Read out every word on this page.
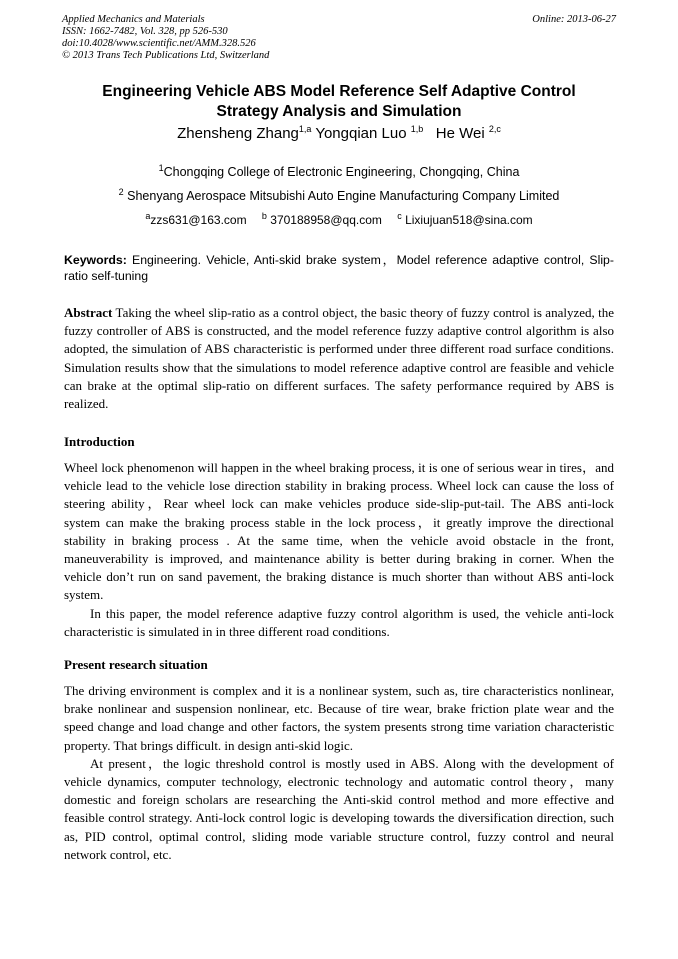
Applied Mechanics and Materials
ISSN: 1662-7482, Vol. 328, pp 526-530
doi:10.4028/www.scientific.net/AMM.328.526
© 2013 Trans Tech Publications Ltd, Switzerland
Online: 2013-06-27
Engineering Vehicle ABS Model Reference Self Adaptive Control
Strategy Analysis and Simulation
Zhensheng Zhang$^{1,a}$ Yongqian Luo $^{1,b}$ He Wei $^{2,c}$
$^1$Chongqing College of Electronic Engineering, Chongqing, China
$^2$ Shenyang Aerospace Mitsubishi Auto Engine Manufacturing Company Limited
$^a$zzs631@163.com $^b$ 370188958@qq.com $^c$ Lixiujuan518@sina.com
Keywords: Engineering. Vehicle, Anti-skid brake system，Model reference adaptive control, Slip-ratio self-tuning

Abstract Taking the wheel slip-ratio as a control object, the basic theory of fuzzy control is analyzed, the fuzzy controller of ABS is constructed, and the model reference fuzzy adaptive control algorithm is also adopted, the simulation of ABS characteristic is performed under three different road surface conditions. Simulation results show that the simulations to model reference adaptive control are feasible and vehicle can brake at the optimal slip-ratio on different surfaces. The safety performance required by ABS is realized.

Introduction

Wheel lock phenomenon will happen in the wheel braking process, it is one of serious wear in tires，and vehicle lead to the vehicle lose direction stability in braking process. Wheel lock can cause the loss of steering ability，Rear wheel lock can make vehicles produce side-slip-put-tail. The ABS anti-lock system can make the braking process stable in the lock process，it greatly improve the directional stability in braking process . At the same time, when the vehicle avoid obstacle in the front, maneuverability is improved, and maintenance ability is better during braking in corner. When the vehicle don’t run on sand pavement, the braking distance is much shorter than without ABS anti-lock system.

In this paper, the model reference adaptive fuzzy control algorithm is used, the vehicle anti-lock characteristic is simulated in in three different road conditions.

Present research situation

The driving environment is complex and it is a nonlinear system, such as, tire characteristics nonlinear, brake nonlinear and suspension nonlinear, etc. Because of tire wear, brake friction plate wear and the speed change and load change and other factors, the system presents strong time variation characteristic property. That brings difficult. in design anti-skid logic.

At present，the logic threshold control is mostly used in ABS. Along with the development of vehicle dynamics, computer technology, electronic technology and automatic control theory，many domestic and foreign scholars are researching the Anti-skid control method and more effective and feasible control strategy. Anti-lock control logic is developing towards the diversification direction, such as, PID control, optimal control, sliding mode variable structure control, fuzzy control and neural network control, etc.
